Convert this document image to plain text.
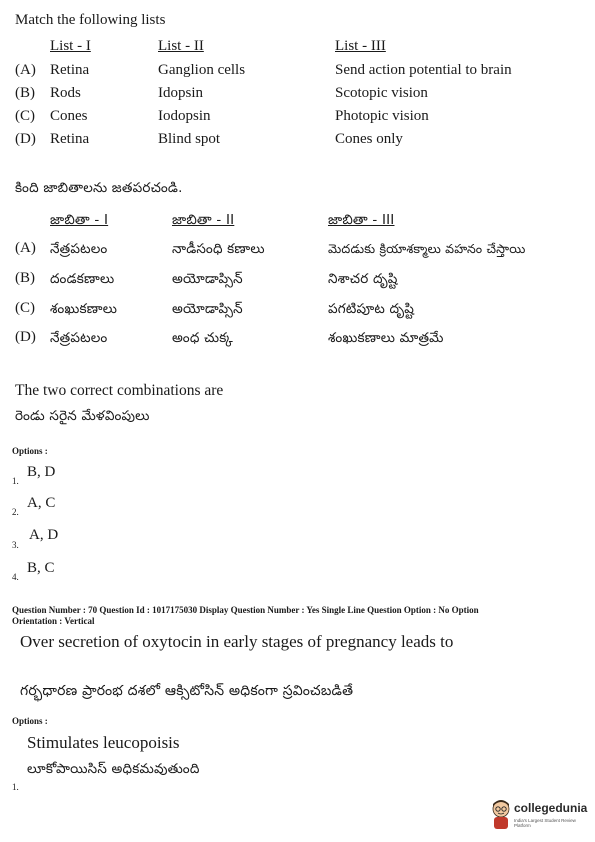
Match the following lists
List - I	List - II	List - III
(A) Retina	Ganglion cells	Send action potential to brain
(B) Rods	Idopsin	Scotopic vision
(C) Cones	Iodopsin	Photopic vision
(D) Retina	Blind spot	Cones only
కింది జాబితాలను జతపరచండి.
జాబితా - I	జాబితా - II	జాబితా - III
(A) నేత్రపటలం	నాడీసంధి కణాలు	మెదడుకు క్రియాశక్మాలు వహనం చేస్తాయి
(B) దండకణాలు	అయోడాప్సిన్	నిశాచర దృష్టి
(C) శంఖుకణాలు	అయోడాప్సిన్	పగటిపూట దృష్టి
(D) నేత్రపటలం	అంధ చుక్క	శంఖుకణాలు మాత్రమే
The two correct combinations are
రెండు సరైన మేళవింపులు
Options :
1.
B, D
2.
A, C
3.
A, D
4.
B, C
Question Number : 70 Question Id : 1017175030 Display Question Number : Yes Single Line Question Option : No Option
Orientation : Vertical
Over secretion of oxytocin in early stages of pregnancy leads to
గర్భధారణ ప్రారంభ దశలో ఆక్సిటోసిన్ అధికంగా స్రవించబడితే
Options :
Stimulates leucopoisis
లూకోపాయిసిస్ అధికమవుతుంది
1.
collegedunia
India's Largest Student Review Platform
